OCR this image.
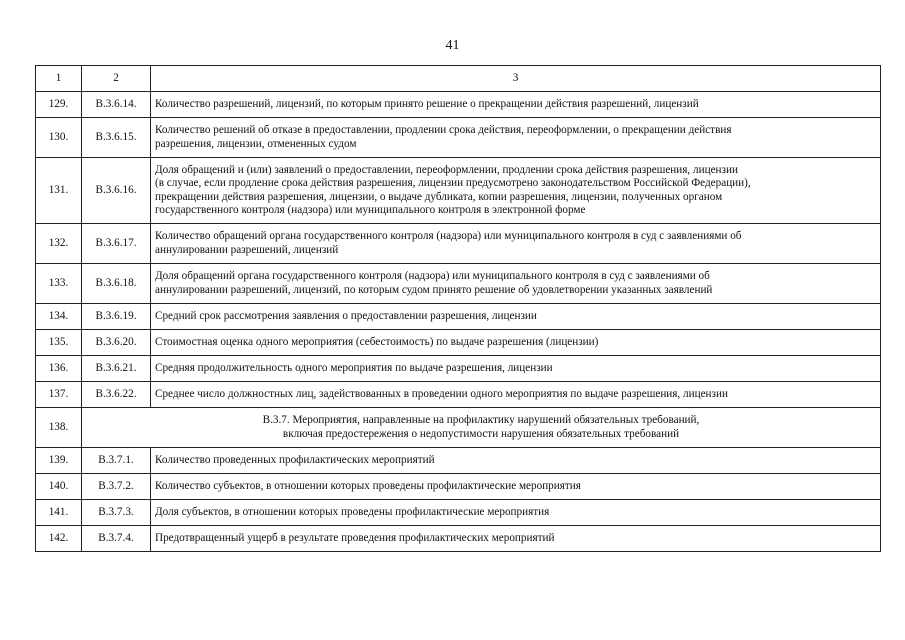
41
1	2	3
129.	В.3.6.14.	Количество разрешений, лицензий, по которым принято решение о прекращении действия разрешений, лицензий

130.	В.3.6.15.	Количество решений об отказе в предоставлении, продлении срока действия, переоформлении, о прекращении действия
разрешения, лицензии, отмененных судом

131.	В.3.6.16.	Доля обращений и (или) заявлений о предоставлении, переоформлении, продлении срока действия разрешения, лицензии
(в случае, если продление срока действия разрешения, лицензии предусмотрено законодательством Российской Федерации),
прекращении действия разрешения, лицензии, о выдаче дубликата, копии разрешения, лицензии, полученных органом
государственного контроля (надзора) или муниципального контроля в электронной форме

132.	В.3.6.17.	Количество обращений органа государственного контроля (надзора) или муниципального контроля в суд с заявлениями об
аннулировании разрешений, лицензий

133.	В.3.6.18.	Доля обращений органа государственного контроля (надзора) или муниципального контроля в суд с заявлениями об
аннулировании разрешений, лицензий, по которым судом принято решение об удовлетворении указанных заявлений

134.	В.3.6.19.	Средний срок рассмотрения заявления о предоставлении разрешения, лицензии

135.	В.3.6.20.	Стоимостная оценка одного мероприятия (себестоимость) по выдаче разрешения (лицензии)

136.	В.3.6.21.	Средняя продолжительность одного мероприятия по выдаче разрешения, лицензии

137.	В.3.6.22.	Среднее число должностных лиц, задействованных в проведении одного мероприятия по выдаче разрешения, лицензии

138.	В.3.7. Мероприятия, направленные на профилактику нарушений обязательных требований,
включая предостережения о недопустимости нарушения обязательных требований	

139.	В.3.7.1.	Количество проведенных профилактических мероприятий

140.	В.3.7.2.	Количество субъектов, в отношении которых проведены профилактические мероприятия

141.	В.3.7.3.	Доля субъектов, в отношении которых проведены профилактические мероприятия

142.	В.3.7.4.	Предотвращенный ущерб в результате проведения профилактических мероприятий
